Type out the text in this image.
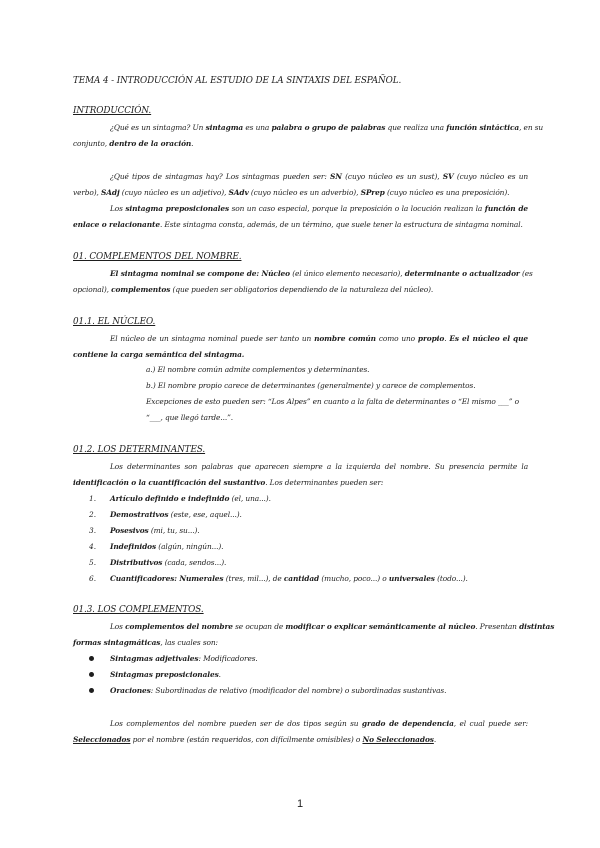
TEMA 4 - INTRODUCCIÓN AL ESTUDIO DE LA SINTAXIS DEL ESPAÑOL.
INTRODUCCIÓN.
¿Qué es un sintagma? Un sintagma es una palabra o grupo de palabras que realiza una función sintáctica, en su
conjunto, dentro de la oración.
¿Qué tipos de sintagmas hay? Los sintagmas pueden ser: SN (cuyo núcleo es un sust), SV (cuyo núcleo es un
verbo), SAdj (cuyo núcleo es un adjetivo), SAdv (cuyo núcleo es un adverbio), SPrep (cuyo núcleo es una preposición).
Los sintagma preposicionales son un caso especial, porque la preposición o la locución realizan la función de
enlace o relacionante. Este sintagma consta, además, de un término, que suele tener la estructura de sintagma nominal.
01. COMPLEMENTOS DEL NOMBRE.
El sintagma nominal se compone de: Núcleo (el único elemento necesario), determinante o actualizador (es
opcional), complementos (que pueden ser obligatorios dependiendo de la naturaleza del núcleo).
01.1. EL NÚCLEO.
El núcleo de un sintagma nominal puede ser tanto un nombre común como uno propio. Es el núcleo el que
contiene la carga semántica del sintagma.
a.) El nombre común admite complementos y determinantes.
b.) El nombre propio carece de determinantes (generalmente) y carece de complementos.
Excepciones de esto pueden ser: “Los Alpes” en cuanto a la falta de determinantes o “El mismo ___” o
“___, que llegó tarde...”.
01.2. LOS DETERMINANTES.
Los determinantes son palabras que aparecen siempre a la izquierda del nombre. Su presencia permite la
identificación o la cuantificación del sustantivo. Los determinantes pueden ser:
1. Artículo definido e indefinido (el, una...).
2. Demostrativos (este, ese, aquel...).
3. Posesivos (mi, tu, su...).
4. Indefinidos (algún, ningún...).
5. Distributivos (cada, sendos...).
6. Cuantificadores: Numerales (tres, mil...), de cantidad (mucho, poco...) o universales (todo...).
01.3. LOS COMPLEMENTOS.
Los complementos del nombre se ocupan de modificar o explicar semánticamente al núcleo. Presentan distintas
formas sintagmáticas, las cuales son:
Sintagmas adjetivales: Modificadores.
Sintagmas preposicionales.
Oraciones: Subordinadas de relativo (modificador del nombre) o subordinadas sustantivas.
Los complementos del nombre pueden ser de dos tipos según su grado de dependencia, el cual puede ser:
Seleccionados por el nombre (están requeridos, con difícilmente omisibles) o No Seleccionados.
1
